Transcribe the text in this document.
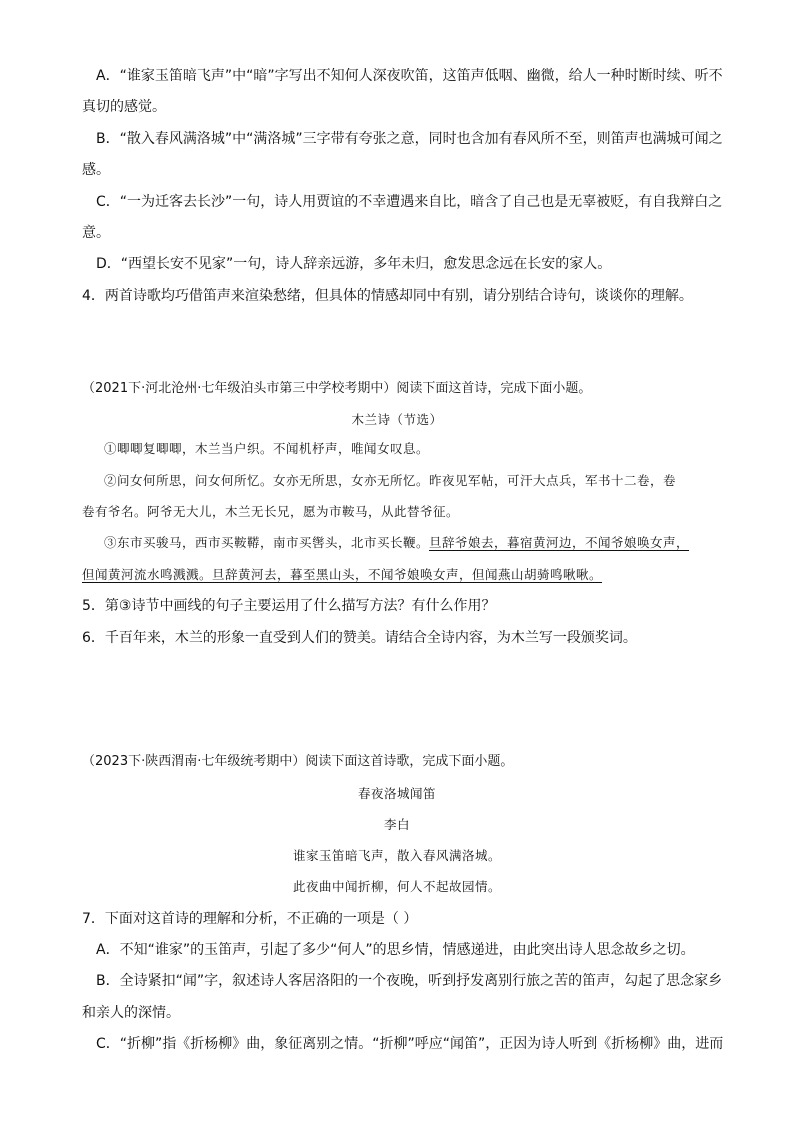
A．“谁家玉笛暗飞声”中“暗”字写出不知何人深夜吹笛，这笛声低咽、幽微，给人一种时断时续、听不
真切的感觉。
B．“散入春风满洛城”中“满洛城”三字带有夸张之意，同时也含加有春风所不至，则笛声也满城可闻之
感。
C．“一为迁客去长沙”一句，诗人用贾谊的不幸遭遇来自比，暗含了自己也是无辜被贬，有自我辩白之
意。
D．“西望长安不见家”一句，诗人辞亲远游，多年未归，愈发思念远在长安的家人。
4．两首诗歌均巧借笛声来渲染愁绪，但具体的情感却同中有别，请分别结合诗句，谈谈你的理解。
（2021下·河北沧州·七年级泊头市第三中学校考期中）阅读下面这首诗，完成下面小题。
木兰诗（节选）
①唧唧复唧唧，木兰当户织。不闻机杼声，唯闻女叹息。
②问女何所思，问女何所忆。女亦无所思，女亦无所忆。昨夜见军帖，可汗大点兵，军书十二卷，卷
卷有爷名。阿爷无大儿，木兰无长兄，愿为市鞍马，从此替爷征。
③东市买骏马，西市买鞍鞯，南市买辔头，北市买长鞭。旦辞爷娘去，暮宿黄河边，不闻爷娘唤女声，
但闻黄河流水鸣溅溅。旦辞黄河去，暮至黑山头，不闻爷娘唤女声，但闻燕山胡骑鸣啾啾。
5．第③诗节中画线的句子主要运用了什么描写方法？有什么作用？
6．千百年来，木兰的形象一直受到人们的赞美。请结合全诗内容，为木兰写一段颁奖词。
（2023下·陕西渭南·七年级统考期中）阅读下面这首诗歌，完成下面小题。
春夜洛城闻笛
李白
谁家玉笛暗飞声，散入春风满洛城。
此夜曲中闻折柳，何人不起故园情。
7．下面对这首诗的理解和分析，不正确的一项是（ ）
A．不知“谁家”的玉笛声，引起了多少“何人”的思乡情，情感递进，由此突出诗人思念故乡之切。
B．全诗紧扣“闻”字，叙述诗人客居洛阳的一个夜晚，听到抒发离别行旅之苦的笛声，勾起了思念家乡
和亲人的深情。
C．“折柳”指《折杨柳》曲，象征离别之情。“折柳”呼应“闻笛”，正因为诗人听到《折杨柳》曲，进而
